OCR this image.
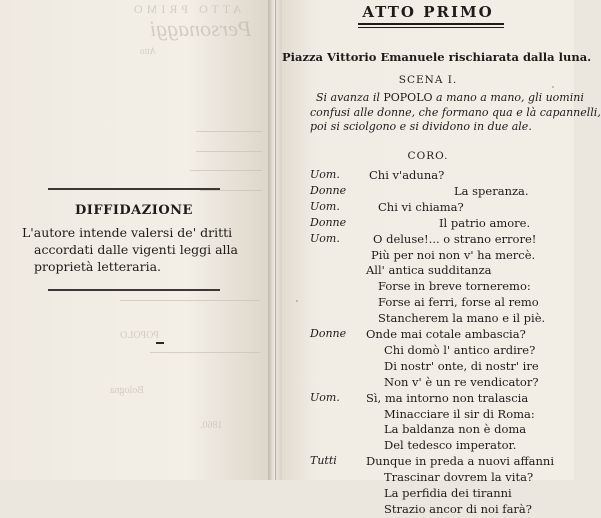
ATTO PRIMO
Personaggi
Atto
POPOLO
Bologna
1860.
DIFFIDAZIONE
L'autore intende valersi de' dritti
accordati dalle vigenti leggi alla
proprietà letteraria.
ATTO PRIMO
Piazza Vittorio Emanuele rischiarata dalla luna.
SCENA I.
Si avanza il POPOLO a mano a mano, gli uomini
confusi alle donne, che formano qua e là capannelli,
poi si sciolgono e si dividono in due ale.
CORO.
Uom.	Chi v'aduna?
Donne	La speranza.
Uom.	Chi vi chiama?
Donne	Il patrio amore.
Uom.	O deluse!... o strano errore!
Più per noi non v' ha mercè.
All' antica sudditanza
Forse in breve torneremo:
Forse ai ferri, forse al remo
Stancherem la mano e il piè.
Donne Onde mai cotale ambascia?
Chi domò l' antico ardire?
Di nostr' onte, di nostr' ire
Non v' è un re vendicator?
Uom. Sì, ma intorno non tralascia
Minacciare il sir di Roma:
La baldanza non è doma
Del tedesco imperator.
Tutti	Dunque in preda a nuovi affanni
Trascinar dovrem la vita?
La perfidia dei tiranni
Strazio ancor di noi farà?
